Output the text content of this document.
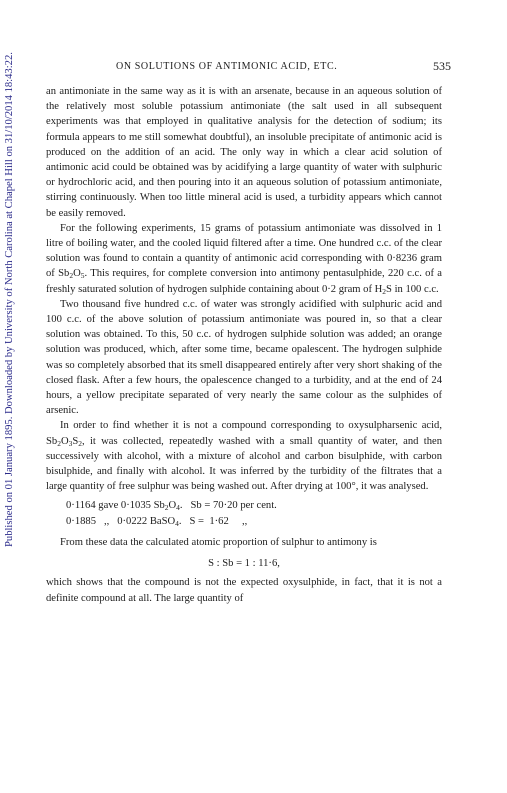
Published on 01 January 1895. Downloaded by University of North Carolina at Chapel Hill on 31/10/2014 18:43:22.	ON SOLUTIONS OF ANTIMONIC ACID, ETC.	535

an antimoniate in the same way as it is with an arsenate, because in an aqueous solution of the relatively most soluble potassium antimoniate (the salt used in all subsequent experiments was that employed in qualitative analysis for the detection of sodium; its formula appears to me still somewhat doubtful), an insoluble precipitate of antimonic acid is produced on the addition of an acid. The only way in which a clear acid solution of antimonic acid could be obtained was by acidifying a large quantity of water with sulphuric or hydrochloric acid, and then pouring into it an aqueous solution of potassium antimoniate, stirring continuously. When too little mineral acid is used, a turbidity appears which cannot be easily removed.

For the following experiments, 15 grams of potassium antimoniate was dissolved in 1 litre of boiling water, and the cooled liquid filtered after a time. One hundred c.c. of the clear solution was found to contain a quantity of antimonic acid corresponding with 0·8236 gram of $Sb_2O_5$. This requires, for complete conversion into antimony pentasulphide, 220 c.c. of a freshly saturated solution of hydrogen sulphide containing about 0·2 gram of $H_2S$ in 100 c.c.

Two thousand five hundred c.c. of water was strongly acidified with sulphuric acid and 100 c.c. of the above solution of potassium antimoniate was poured in, so that a clear solution was obtained. To this, 50 c.c. of hydrogen sulphide solution was added; an orange solution was produced, which, after some time, became opalescent. The hydrogen sulphide was so completely absorbed that its smell disappeared entirely after very short shaking of the closed flask. After a few hours, the opalescence changed to a turbidity, and at the end of 24 hours, a yellow precipitate separated of very nearly the same colour as the sulphides of arsenic.

In order to find whether it is not a compound corresponding to oxysulpharsenic acid, $Sb_2O_3S_2$, it was collected, repeatedly washed with a small quantity of water, and then successively with alcohol, with a mixture of alcohol and carbon bisulphide, with carbon bisulphide, and finally with alcohol. It was inferred by the turbidity of the filtrates that a large quantity of free sulphur was being washed out. After drying at 100°, it was analysed.

0·1164 gave 0·1035 $Sb_2O_4$.   Sb = 70·20 per cent.

0·1885   ,,   0·0222 BaSO$_4$.   S =  1·62     ,,

From these data the calculated atomic proportion of sulphur to antimony is

S : Sb = 1 : 11·6,

which shows that the compound is not the expected oxysulphide, in fact, that it is not a definite compound at all. The large quantity of
